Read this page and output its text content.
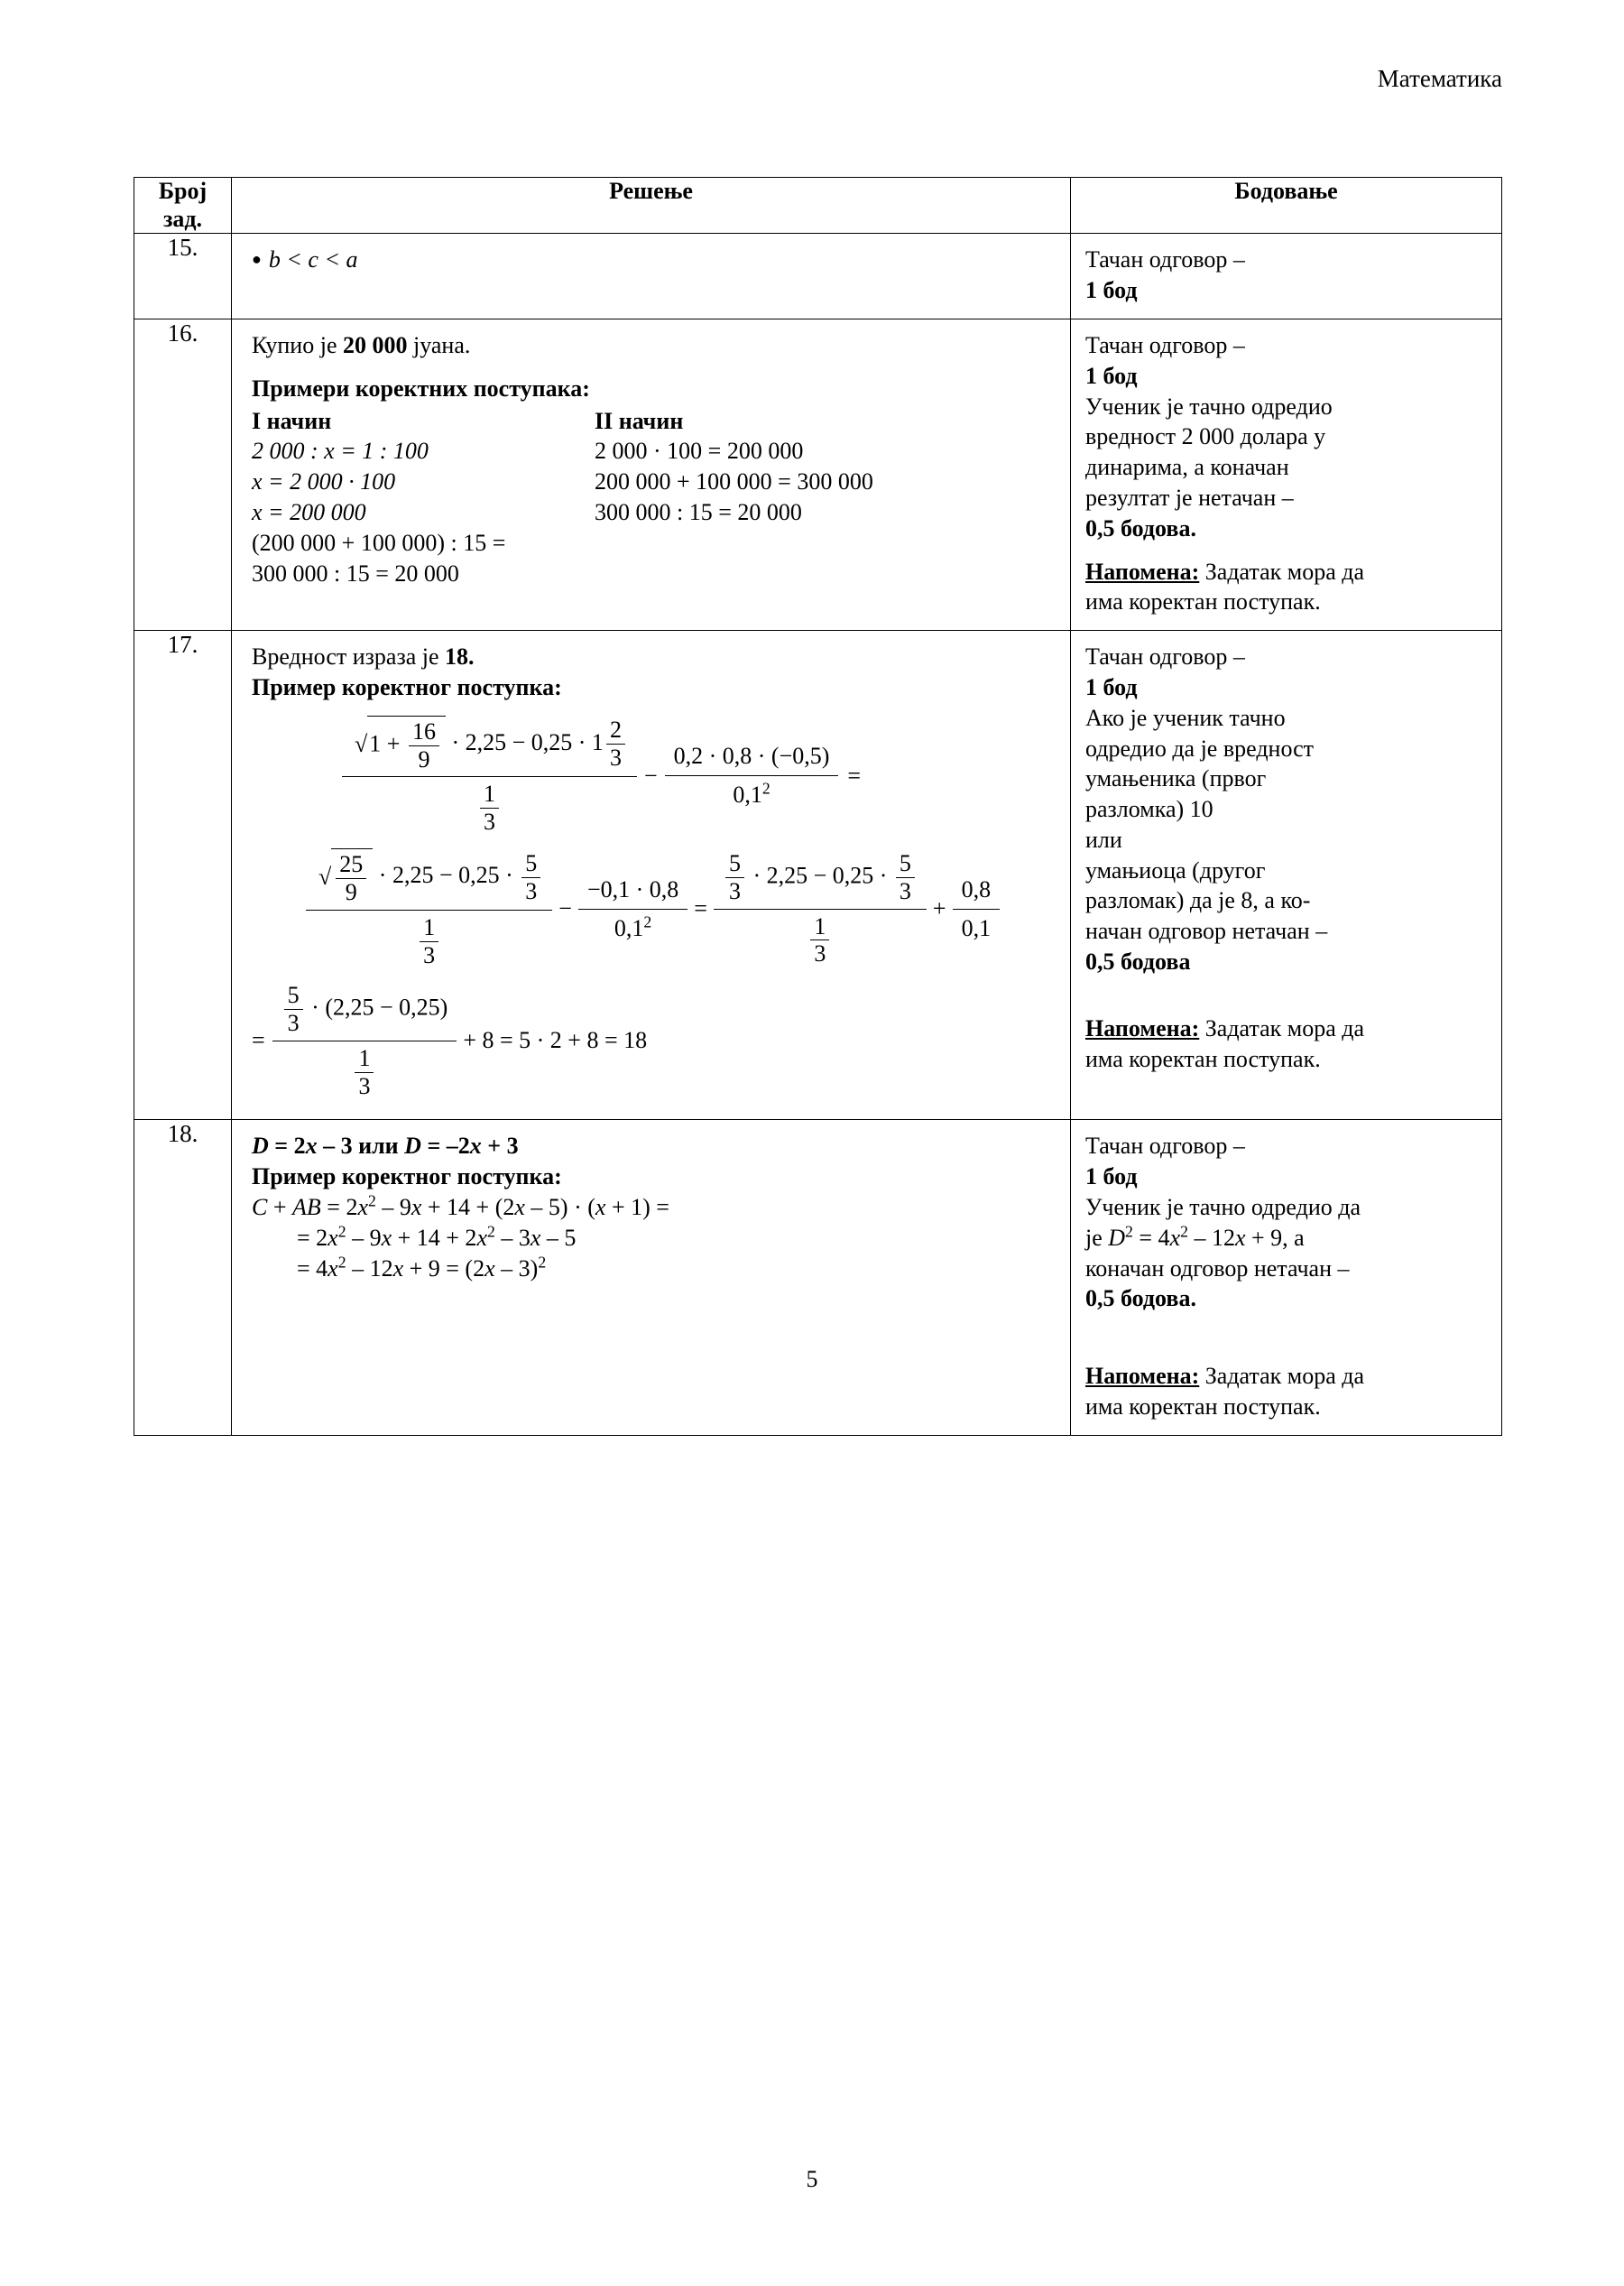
Математика
Број
зад.	Решење	Бодовање
15.	● b < c < a	Тачан одговор –
1 бод

16.	Купио је 20 000 јуана.
Примери коректних поступака:
I начин
2 000 : x = 1 : 100
x = 2 000 · 100
x = 200 000
(200 000 + 100 000) : 15 =
300 000 : 15 = 20 000
II начин
2 000 · 100 = 200 000
200 000 + 100 000 = 300 000
300 000 : 15 = 20 000

Тачан одговор –
1 бод
Ученик је тачно одредио
вредност 2 000 долара у
динарима, а коначан
резултат је нетачан –
0,5 бодова.
Напомена: Задатак мора да
има коректан поступак.

17.	Вредност израза је 18.
Пример коректног поступка:
$\frac{√1 + \frac{16}{9} \cdot 2,25 - 0,25 \cdot 1 \frac{2}{3}}{\frac{1}{3}} - \frac{0,2 \cdot 0,8 \cdot (-0,5)}{0,1^2}$ =
$\frac{√ \frac{25}{9} \cdot 2,25 - 0,25 \cdot \frac{5}{3}}{\frac{1}{3}} - \frac{-0,1 \cdot 0,8}{0,1^2} = \frac{\frac{5}{3} \cdot 2,25 - 0,25 \cdot \frac{5}{3}}{\frac{1}{3}} + \frac{0,8}{0,1}$
= $\frac{\frac{5}{3} \cdot (2,25 - 0,25)}{\frac{1}{3}} + 8 = 5 \cdot 2 + 8 = 18$

Тачан одговор –
1 бод
Ако је ученик тачно
одредио да је вредност
умањеника (првог
разломка) 10
или
умањиоца (другог
разломак) да је 8, а ко-
начан одговор нетачан –
0,5 бодова
Напомена: Задатак мора да
има коректан поступак.

18.	D = 2x – 3 или D = –2x + 3
Пример коректног поступка:
C + AB = $2x^2 - 9x + 14 + (2x - 5) \cdot (x + 1)$ =
= $2x^2 - 9x + 14 + 2x^2 - 3x - 5$
= $4x^2 - 12x + 9 = (2x - 3)^2$

Тачан одговор –
1 бод
Ученик је тачно одредио да
је $D^2 = 4x^2 - 12x + 9$, а
коначан одговор нетачан –
0,5 бодова.
Напомена: Задатак мора да
има коректан поступак.
5
